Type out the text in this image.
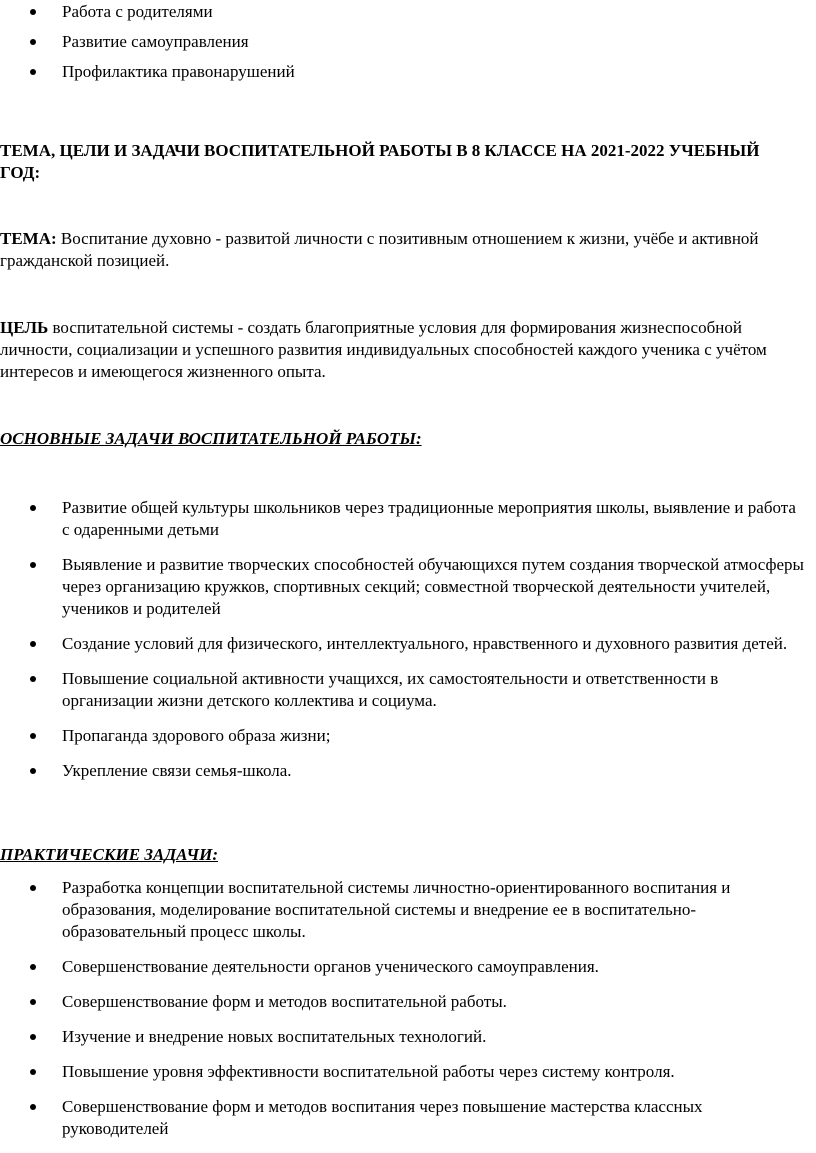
Работа с родителями
Развитие самоуправления
Профилактика правонарушений
ТЕМА, ЦЕЛИ И ЗАДАЧИ ВОСПИТАТЕЛЬНОЙ РАБОТЫ В 8 КЛАССЕ НА 2021-2022 УЧЕБНЫЙ ГОД:
ТЕМА: Воспитание духовно - развитой личности с позитивным отношением к жизни, учёбе и активной гражданской позицией.
ЦЕЛЬ воспитательной системы - создать благоприятные условия для формирования жизнеспособной личности, социализации и успешного развития индивидуальных способностей каждого ученика с учётом интересов и имеющегося жизненного опыта.
ОСНОВНЫЕ ЗАДАЧИ ВОСПИТАТЕЛЬНОЙ РАБОТЫ:
Развитие общей культуры школьников через традиционные мероприятия школы, выявление и работа с одаренными детьми
Выявление и развитие творческих способностей обучающихся путем создания творческой атмосферы через организацию кружков, спортивных секций; совместной творческой деятельности учителей, учеников и родителей
Создание условий для физического, интеллектуального, нравственного и духовного развития детей.
Повышение социальной активности учащихся, их самостоятельности и ответственности в организации жизни детского коллектива и социума.
Пропаганда здорового образа жизни;
Укрепление связи семья-школа.
ПРАКТИЧЕСКИЕ ЗАДАЧИ:
Разработка концепции воспитательной системы личностно-ориентированного воспитания и образования, моделирование воспитательной системы и внедрение ее в воспитательно-образовательный процесс школы.
Совершенствование деятельности органов ученического самоуправления.
Совершенствование форм и методов воспитательной работы.
Изучение и внедрение новых воспитательных технологий.
Повышение уровня эффективности воспитательной работы через систему контроля.
Совершенствование форм и методов воспитания через повышение мастерства классных руководителей
